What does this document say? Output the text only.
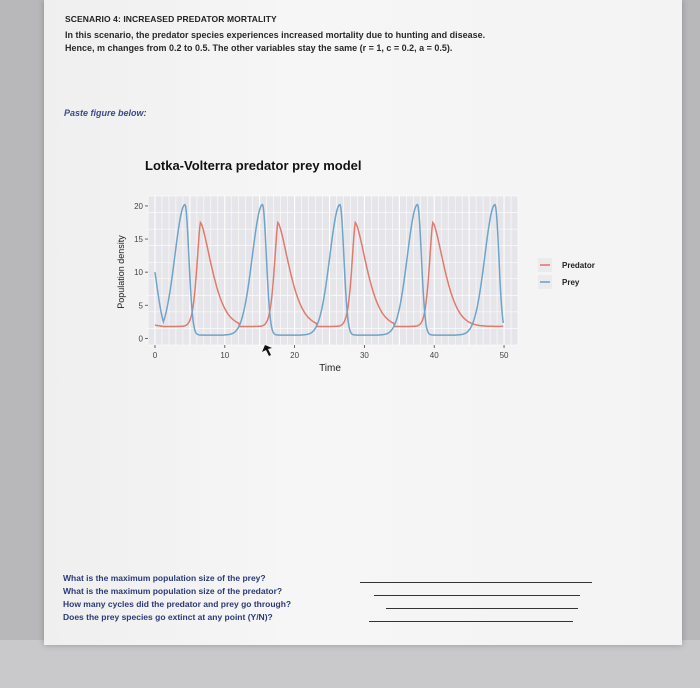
SCENARIO 4: INCREASED PREDATOR MORTALITY
In this scenario, the predator species experiences increased mortality due to hunting and disease.
Hence, m changes from 0.2 to 0.5. The other variables stay the same (r = 1, c = 0.2, a = 0.5).
Paste figure below:
Lotka-Volterra predator prey model
0
5
10
15
20
0	10	20	30	40	50
Time
Population density	Predator
Prey
What is the maximum population size of the prey?
What is the maximum population size of the predator?
How many cycles did the predator and prey go through?
Does the prey species go extinct at any point (Y/N)?
